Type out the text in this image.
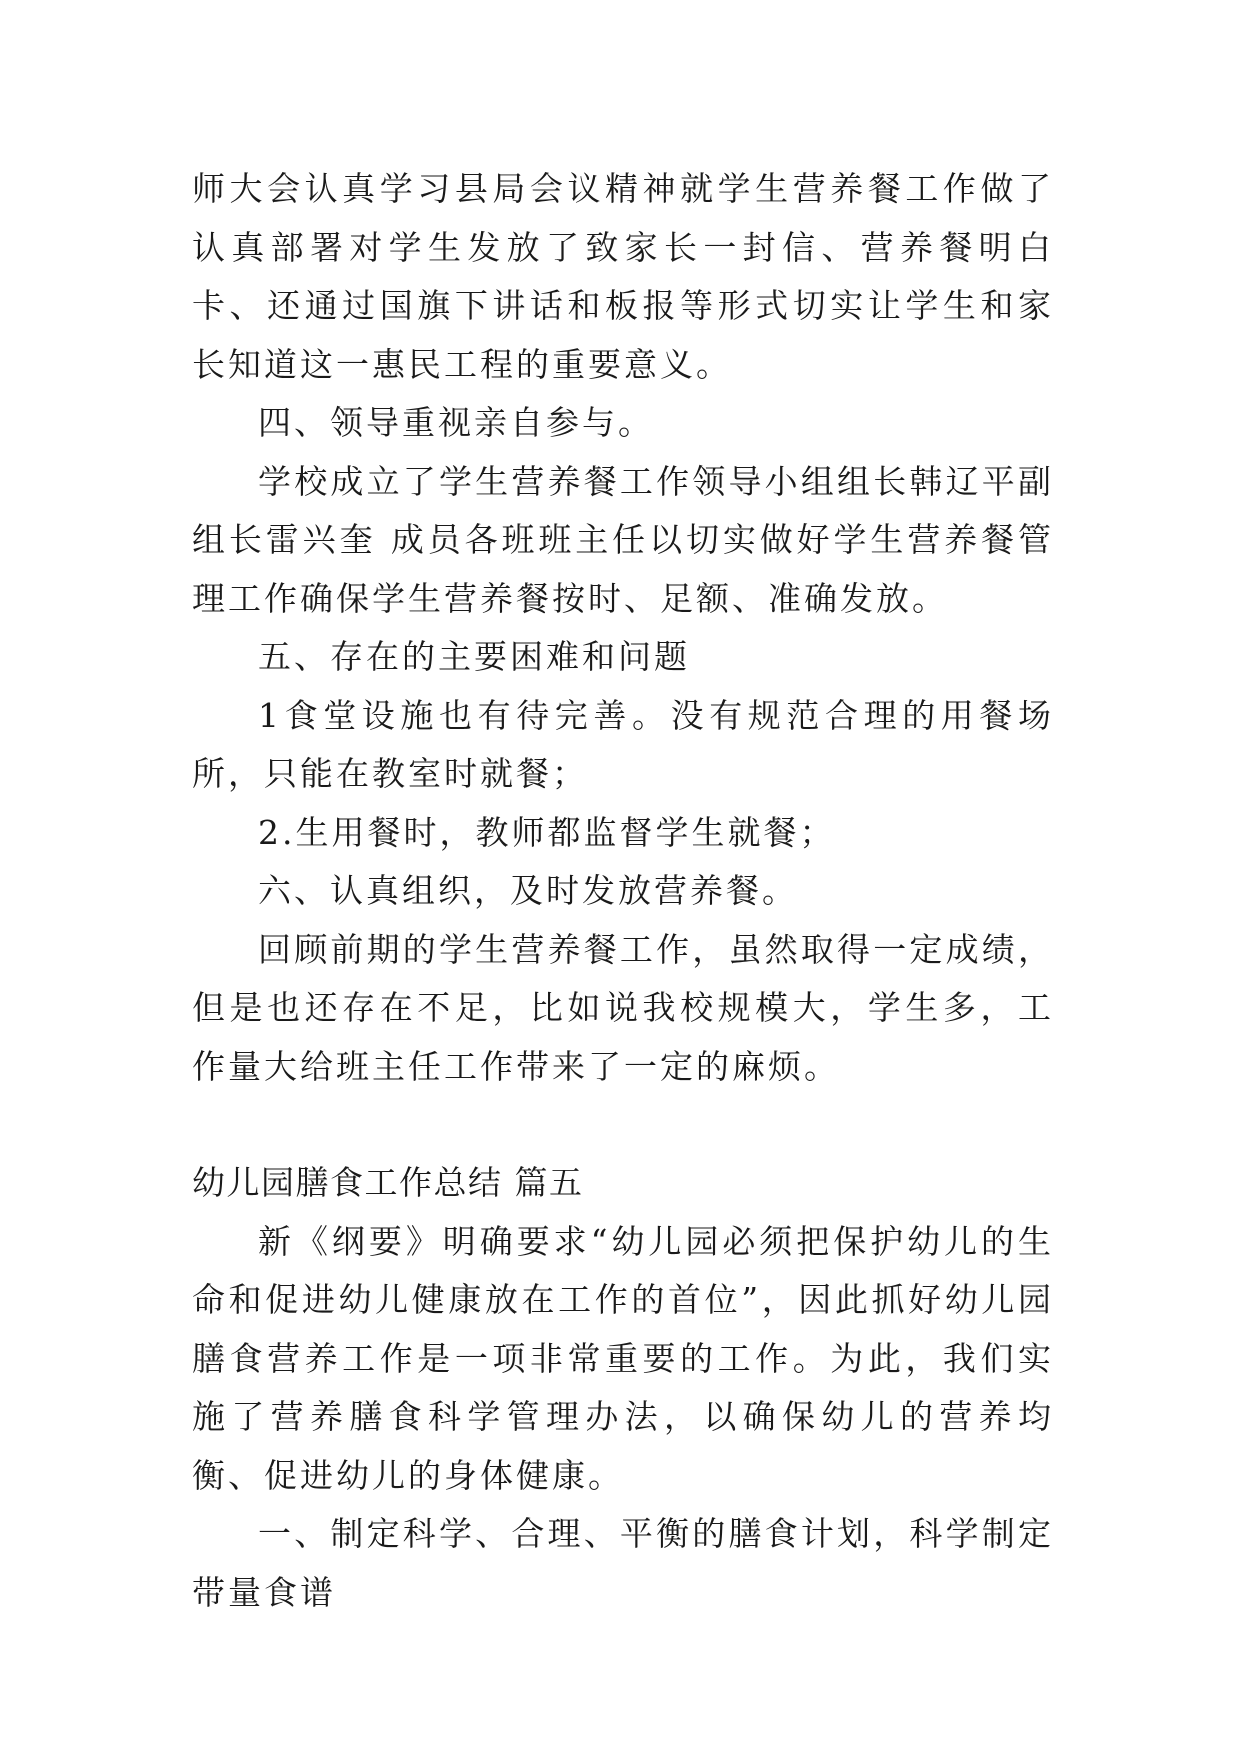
师大会认真学习县局会议精神就学生营养餐工作做了认真部署对学生发放了致家长一封信、营养餐明白卡、还通过国旗下讲话和板报等形式切实让学生和家长知道这一惠民工程的重要意义。

四、领导重视亲自参与。

学校成立了学生营养餐工作领导小组组长韩辽平副组长雷兴奎 成员各班班主任以切实做好学生营养餐管理工作确保学生营养餐按时、足额、准确发放。

五、存在的主要困难和问题

1食堂设施也有待完善。没有规范合理的用餐场所，只能在教室时就餐；

2.生用餐时，教师都监督学生就餐；

六、认真组织，及时发放营养餐。

回顾前期的学生营养餐工作，虽然取得一定成绩，但是也还存在不足，比如说我校规模大，学生多，工作量大给班主任工作带来了一定的麻烦。

幼儿园膳食工作总结 篇五

新《纲要》明确要求“幼儿园必须把保护幼儿的生命和促进幼儿健康放在工作的首位”，因此抓好幼儿园膳食营养工作是一项非常重要的工作。为此，我们实施了营养膳食科学管理办法，以确保幼儿的营养均衡、促进幼儿的身体健康。

一、制定科学、合理、平衡的膳食计划，科学制定带量食谱
